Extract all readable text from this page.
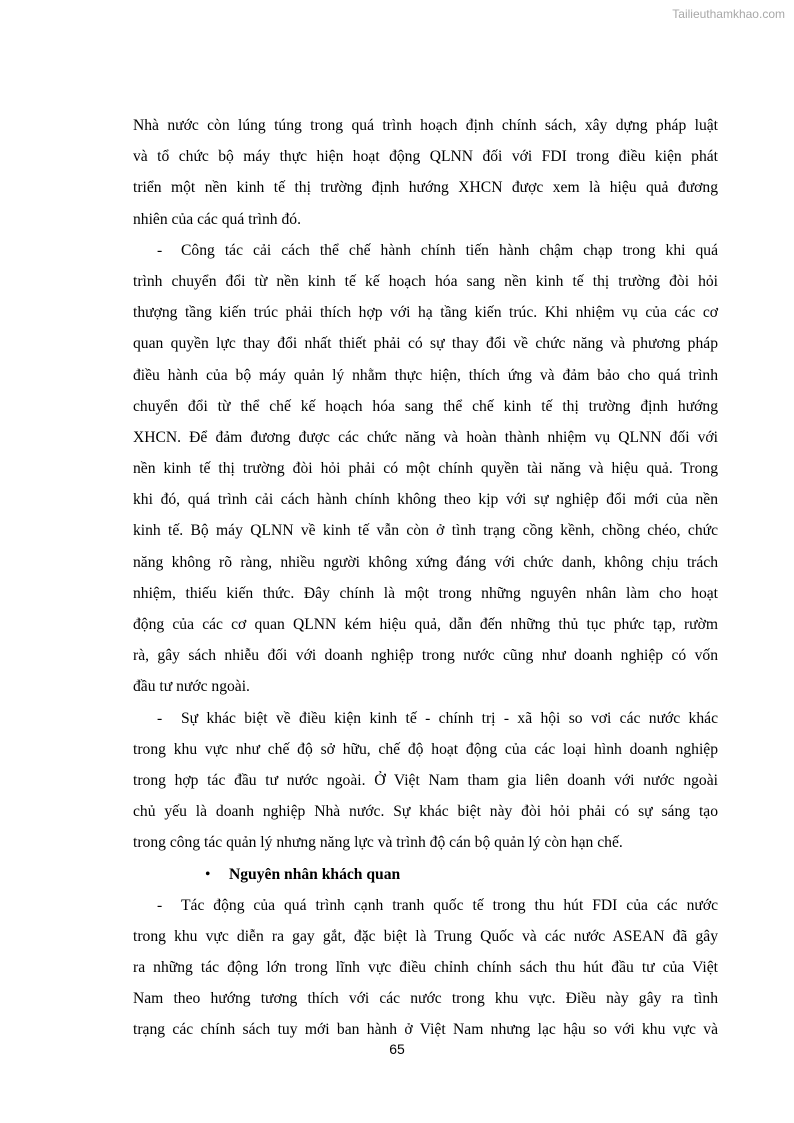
Tailieuthamkhao.com
Nhà nước còn lúng túng trong quá trình hoạch định chính sách, xây dựng pháp luật
và tổ chức bộ máy thực hiện hoạt động QLNN đối với FDI trong điều kiện phát
triển một nền kinh tế thị trường định hướng XHCN được xem là hiệu quả đương
nhiên của các quá trình đó.
- Công tác cải cách thể chế hành chính tiến hành chậm chạp trong khi quá
trình chuyển đổi từ nền kinh tế kế hoạch hóa sang nền kinh tế thị trường đòi hỏi
thượng tầng kiến trúc phải thích hợp với hạ tầng kiến trúc. Khi nhiệm vụ của các cơ
quan quyền lực thay đổi nhất thiết phải có sự thay đổi về chức năng và phương pháp
điều hành của bộ máy quản lý nhằm thực hiện, thích ứng và đảm bảo cho quá trình
chuyển đổi từ thể chế kế hoạch hóa sang thể chế kinh tế thị trường định hướng
XHCN. Để đảm đương được các chức năng và hoàn thành nhiệm vụ QLNN đối với
nền kinh tế thị trường đòi hỏi phải có một chính quyền tài năng và hiệu quả. Trong
khi đó, quá trình cải cách hành chính không theo kịp với sự nghiệp đổi mới của nền
kinh tế. Bộ máy QLNN về kinh tế vẫn còn ở tình trạng cồng kềnh, chồng chéo, chức
năng không rõ ràng, nhiều người không xứng đáng với chức danh, không chịu trách
nhiệm, thiếu kiến thức. Đây chính là một trong những nguyên nhân làm cho hoạt
động của các cơ quan QLNN kém hiệu quả, dẫn đến những thủ tục phức tạp, rườm
rà, gây sách nhiễu đối với doanh nghiệp trong nước cũng như doanh nghiệp có vốn
đầu tư nước ngoài.
- Sự khác biệt về điều kiện kinh tế - chính trị - xã hội so vơi các nước khác
trong khu vực như chế độ sở hữu, chế độ hoạt động của các loại hình doanh nghiệp
trong hợp tác đầu tư nước ngoài. Ở Việt Nam tham gia liên doanh với nước ngoài
chủ yếu là doanh nghiệp Nhà nước. Sự khác biệt này đòi hỏi phải có sự sáng tạo
trong công tác quản lý nhưng năng lực và trình độ cán bộ quản lý còn hạn chế.
• Nguyên nhân khách quan
- Tác động của quá trình cạnh tranh quốc tế trong thu hút FDI của các nước
trong khu vực diễn ra gay gắt, đặc biệt là Trung Quốc và các nước ASEAN đã gây
ra những tác động lớn trong lĩnh vực điều chỉnh chính sách thu hút đầu tư của Việt
Nam theo hướng tương thích với các nước trong khu vực. Điều này gây ra tình
trạng các chính sách tuy mới ban hành ở Việt Nam nhưng lạc hậu so với khu vực và
65
